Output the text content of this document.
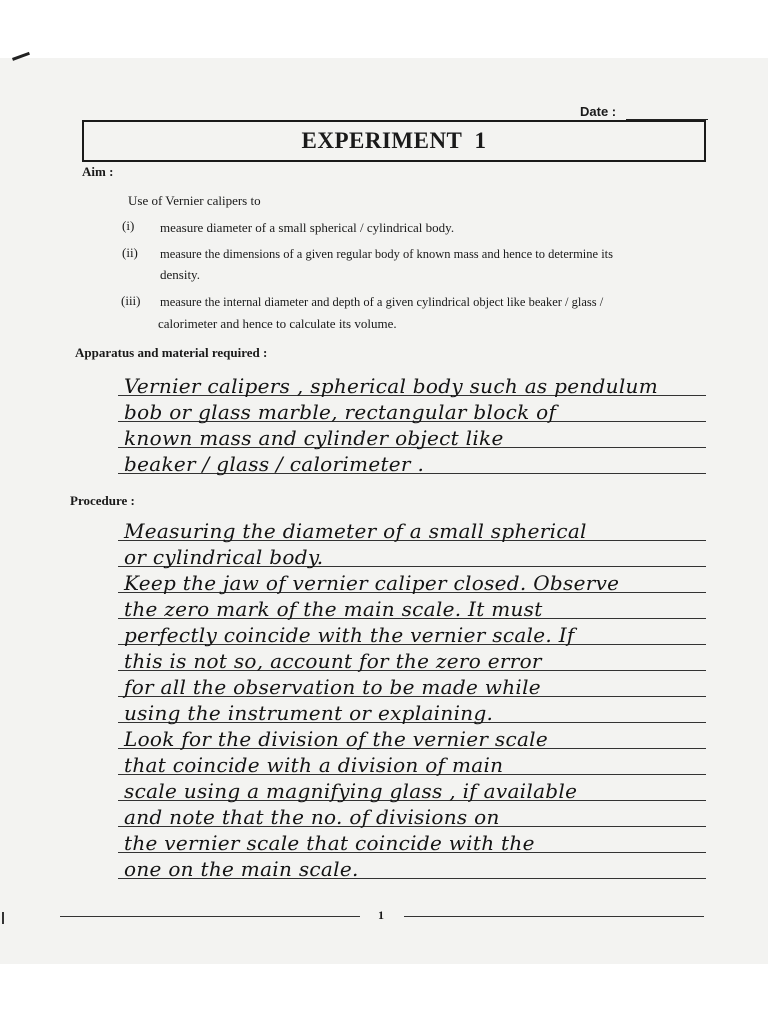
Date :
EXPERIMENT  1
Aim :
Use of Vernier calipers to
(i) measure diameter of a small spherical / cylindrical body.
(ii) measure the dimensions of a given regular body of known mass and hence to determine its
density.
(iii) measure the internal diameter and depth of a given cylindrical object like beaker / glass /
calorimeter and hence to calculate its volume.
Apparatus and material required :
Vernier calipers , spherical body such as pendulum
bob or glass marble, rectangular block of
known mass and cylinder object like
beaker / glass / calorimeter .
Procedure :
Measuring the diameter of a small spherical
or cylindrical body.
Keep the jaw of vernier caliper closed. Observe
the zero mark of the main scale. It must
perfectly coincide with the vernier scale. If
this is not so, account for the zero error
for all the observation to be made while
using the instrument or explaining.
Look for the division of the vernier scale
that coincide with a division of main
scale using a magnifying glass , if available
and note that the no. of divisions on
the vernier scale that coincide with the
one on the main scale.
1
